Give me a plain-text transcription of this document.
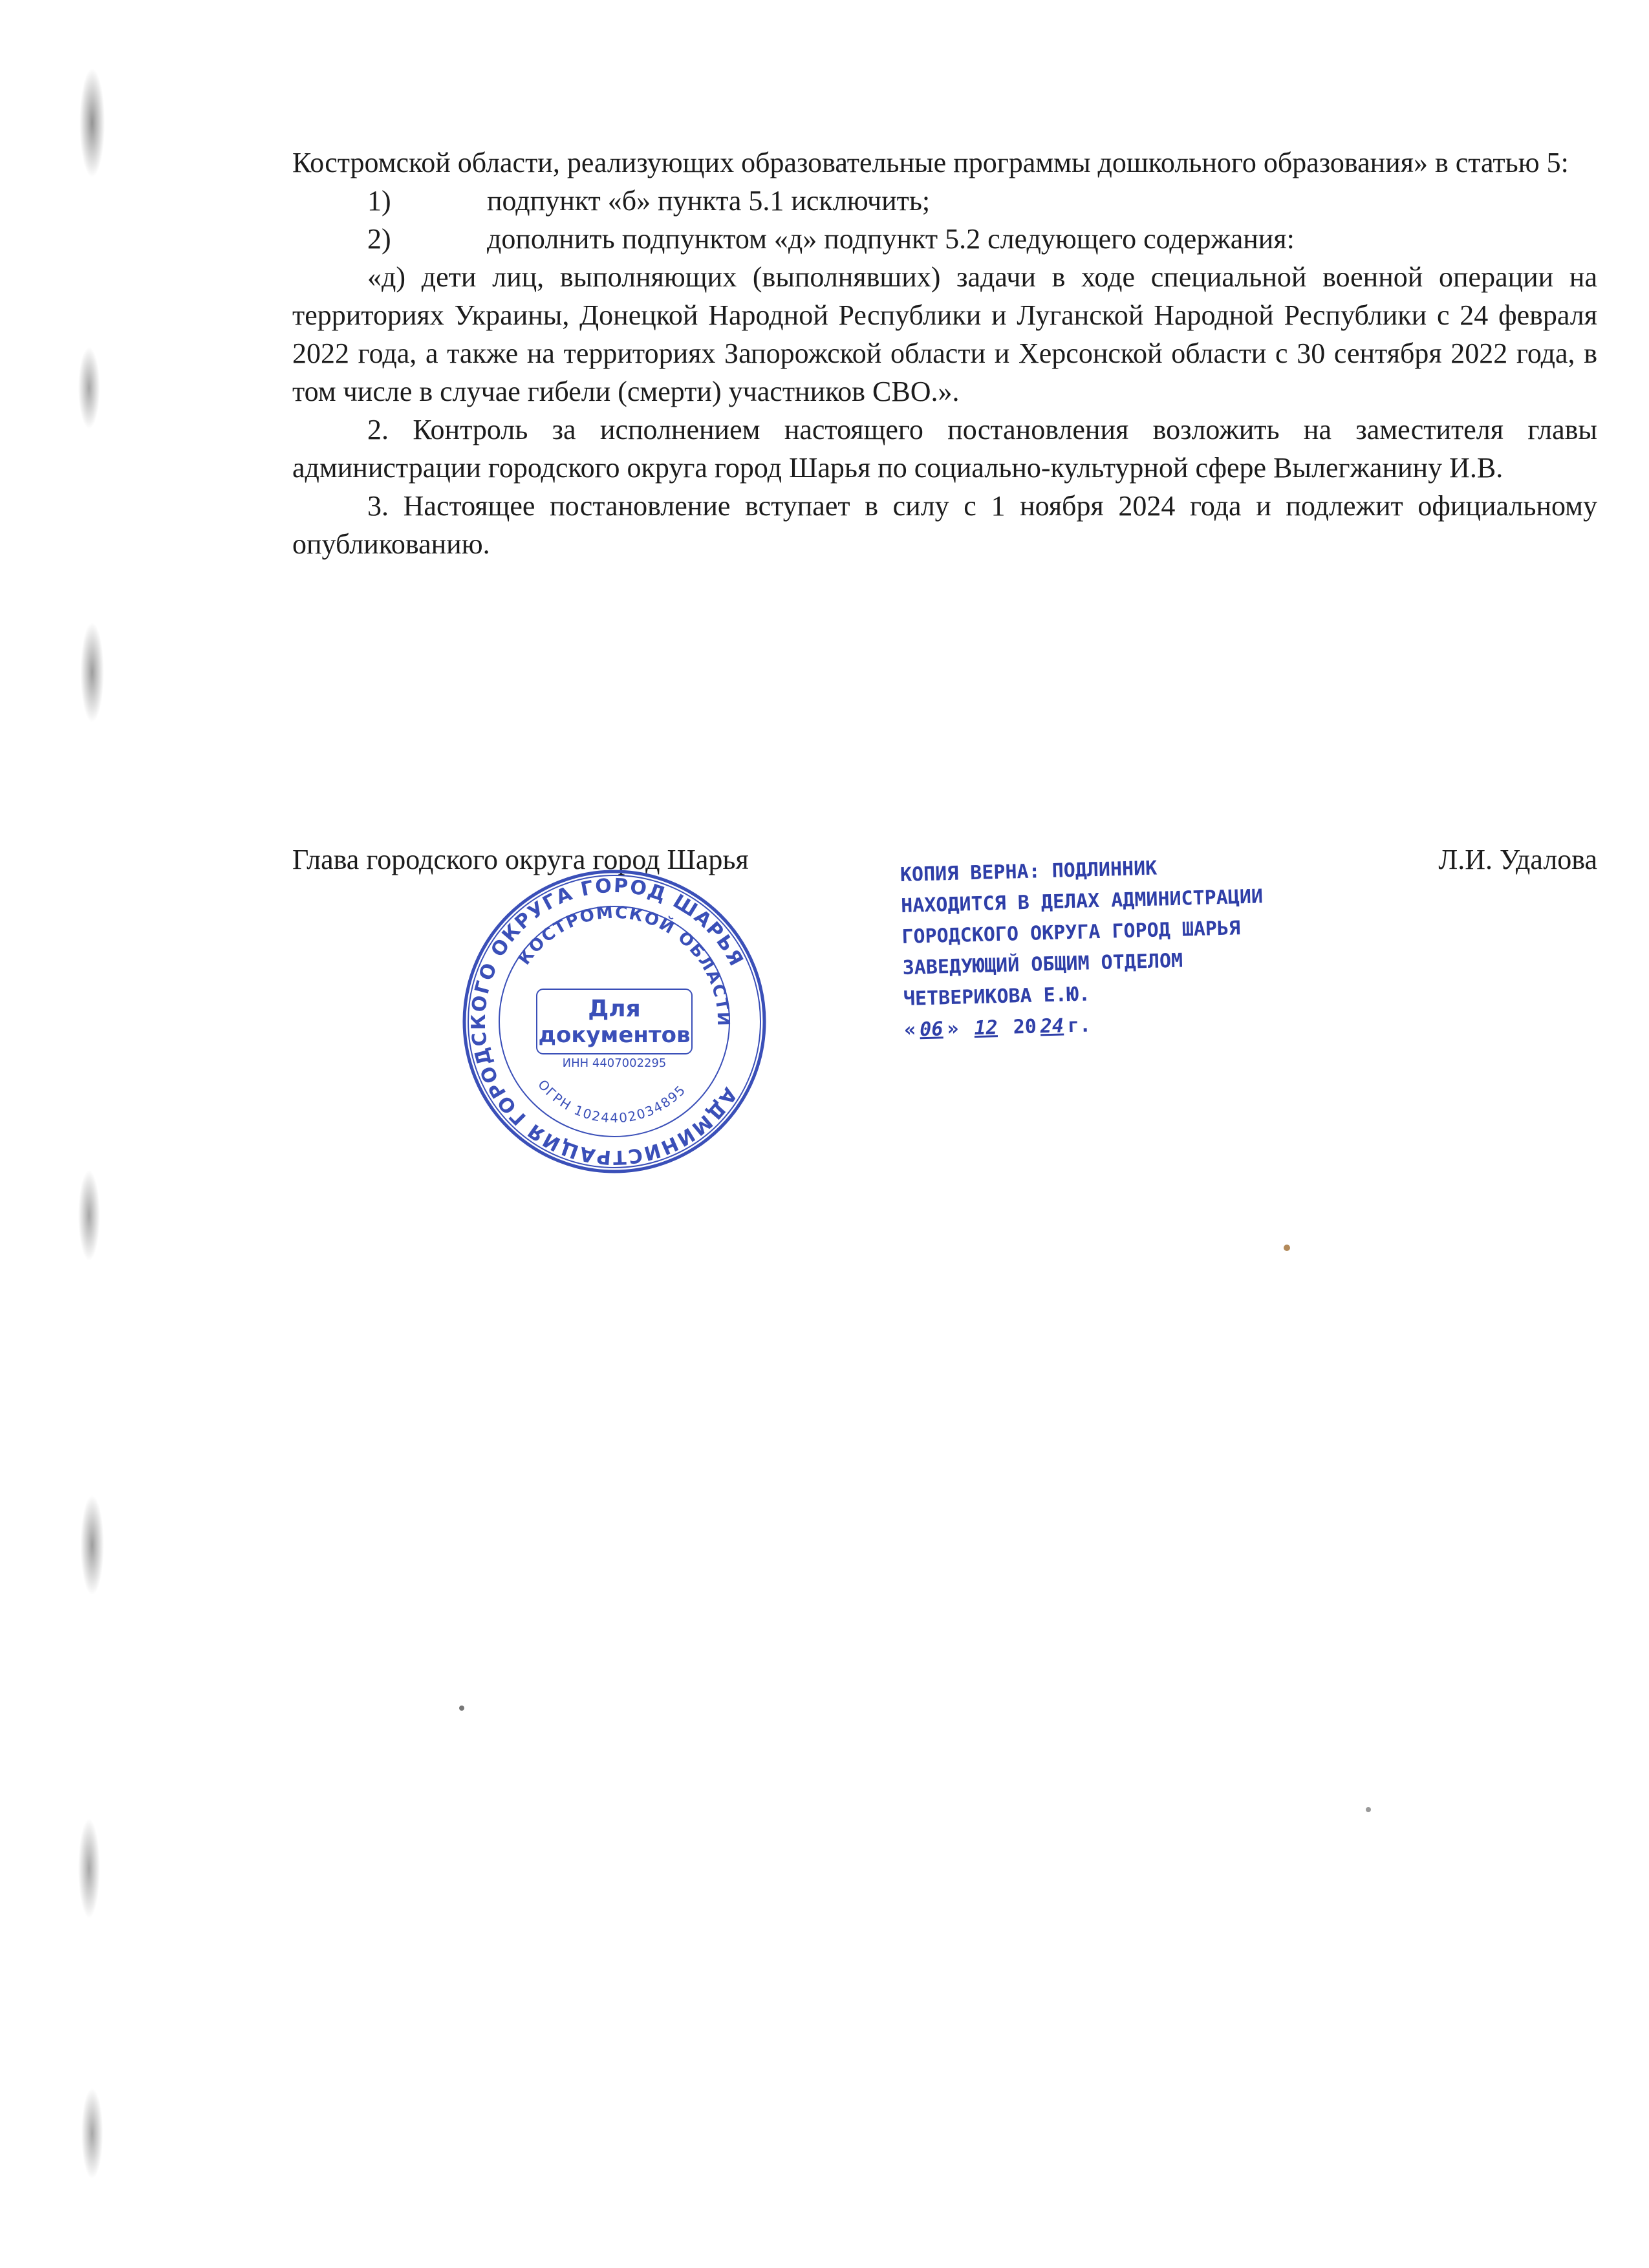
Костромской области, реализующих образовательные программы дошкольного образования» в статью 5:

1)	подпункт «б» пункта 5.1 исключить;
2)	дополнить подпунктом «д» подпункт 5.2 следующего содержания:

«д) дети лиц, выполняющих (выполнявших) задачи в ходе специальной военной операции на территориях Украины, Донецкой Народной Республики и Луганской Народной Республики с 24 февраля 2022 года, а также на территориях Запорожской области и Херсонской области с 30 сентября 2022 года, в том числе в случае гибели (смерти) участников СВО.».

2. Контроль за исполнением настоящего постановления возложить на заместителя главы администрации городского округа город Шарья по социально-культурной сфере Вылегжанину И.В.

3. Настоящее постановление вступает в силу с 1 ноября 2024 года и подлежит официальному опубликованию.

Глава городского округа город Шарья	Л.И. Удалова
АДМИНИСТРАЦИЯ ГОРОДСКОГО ОКРУГА ГОРОД ШАРЬЯ
КОСТРОМСКОЙ ОБЛАСТИ
Для
документов
ИНН 4407002295
ОГРН 1024402034895
КОПИЯ ВЕРНА: ПОДЛИННИК
НАХОДИТСЯ В ДЕЛАХ АДМИНИСТРАЦИИ
ГОРОДСКОГО ОКРУГА ГОРОД ШАРЬЯ
ЗАВЕДУЮЩИЙ ОБЩИМ ОТДЕЛОМ
ЧЕТВЕРИКОВА Е.Ю.
« 06 » 12 20 24 г.
